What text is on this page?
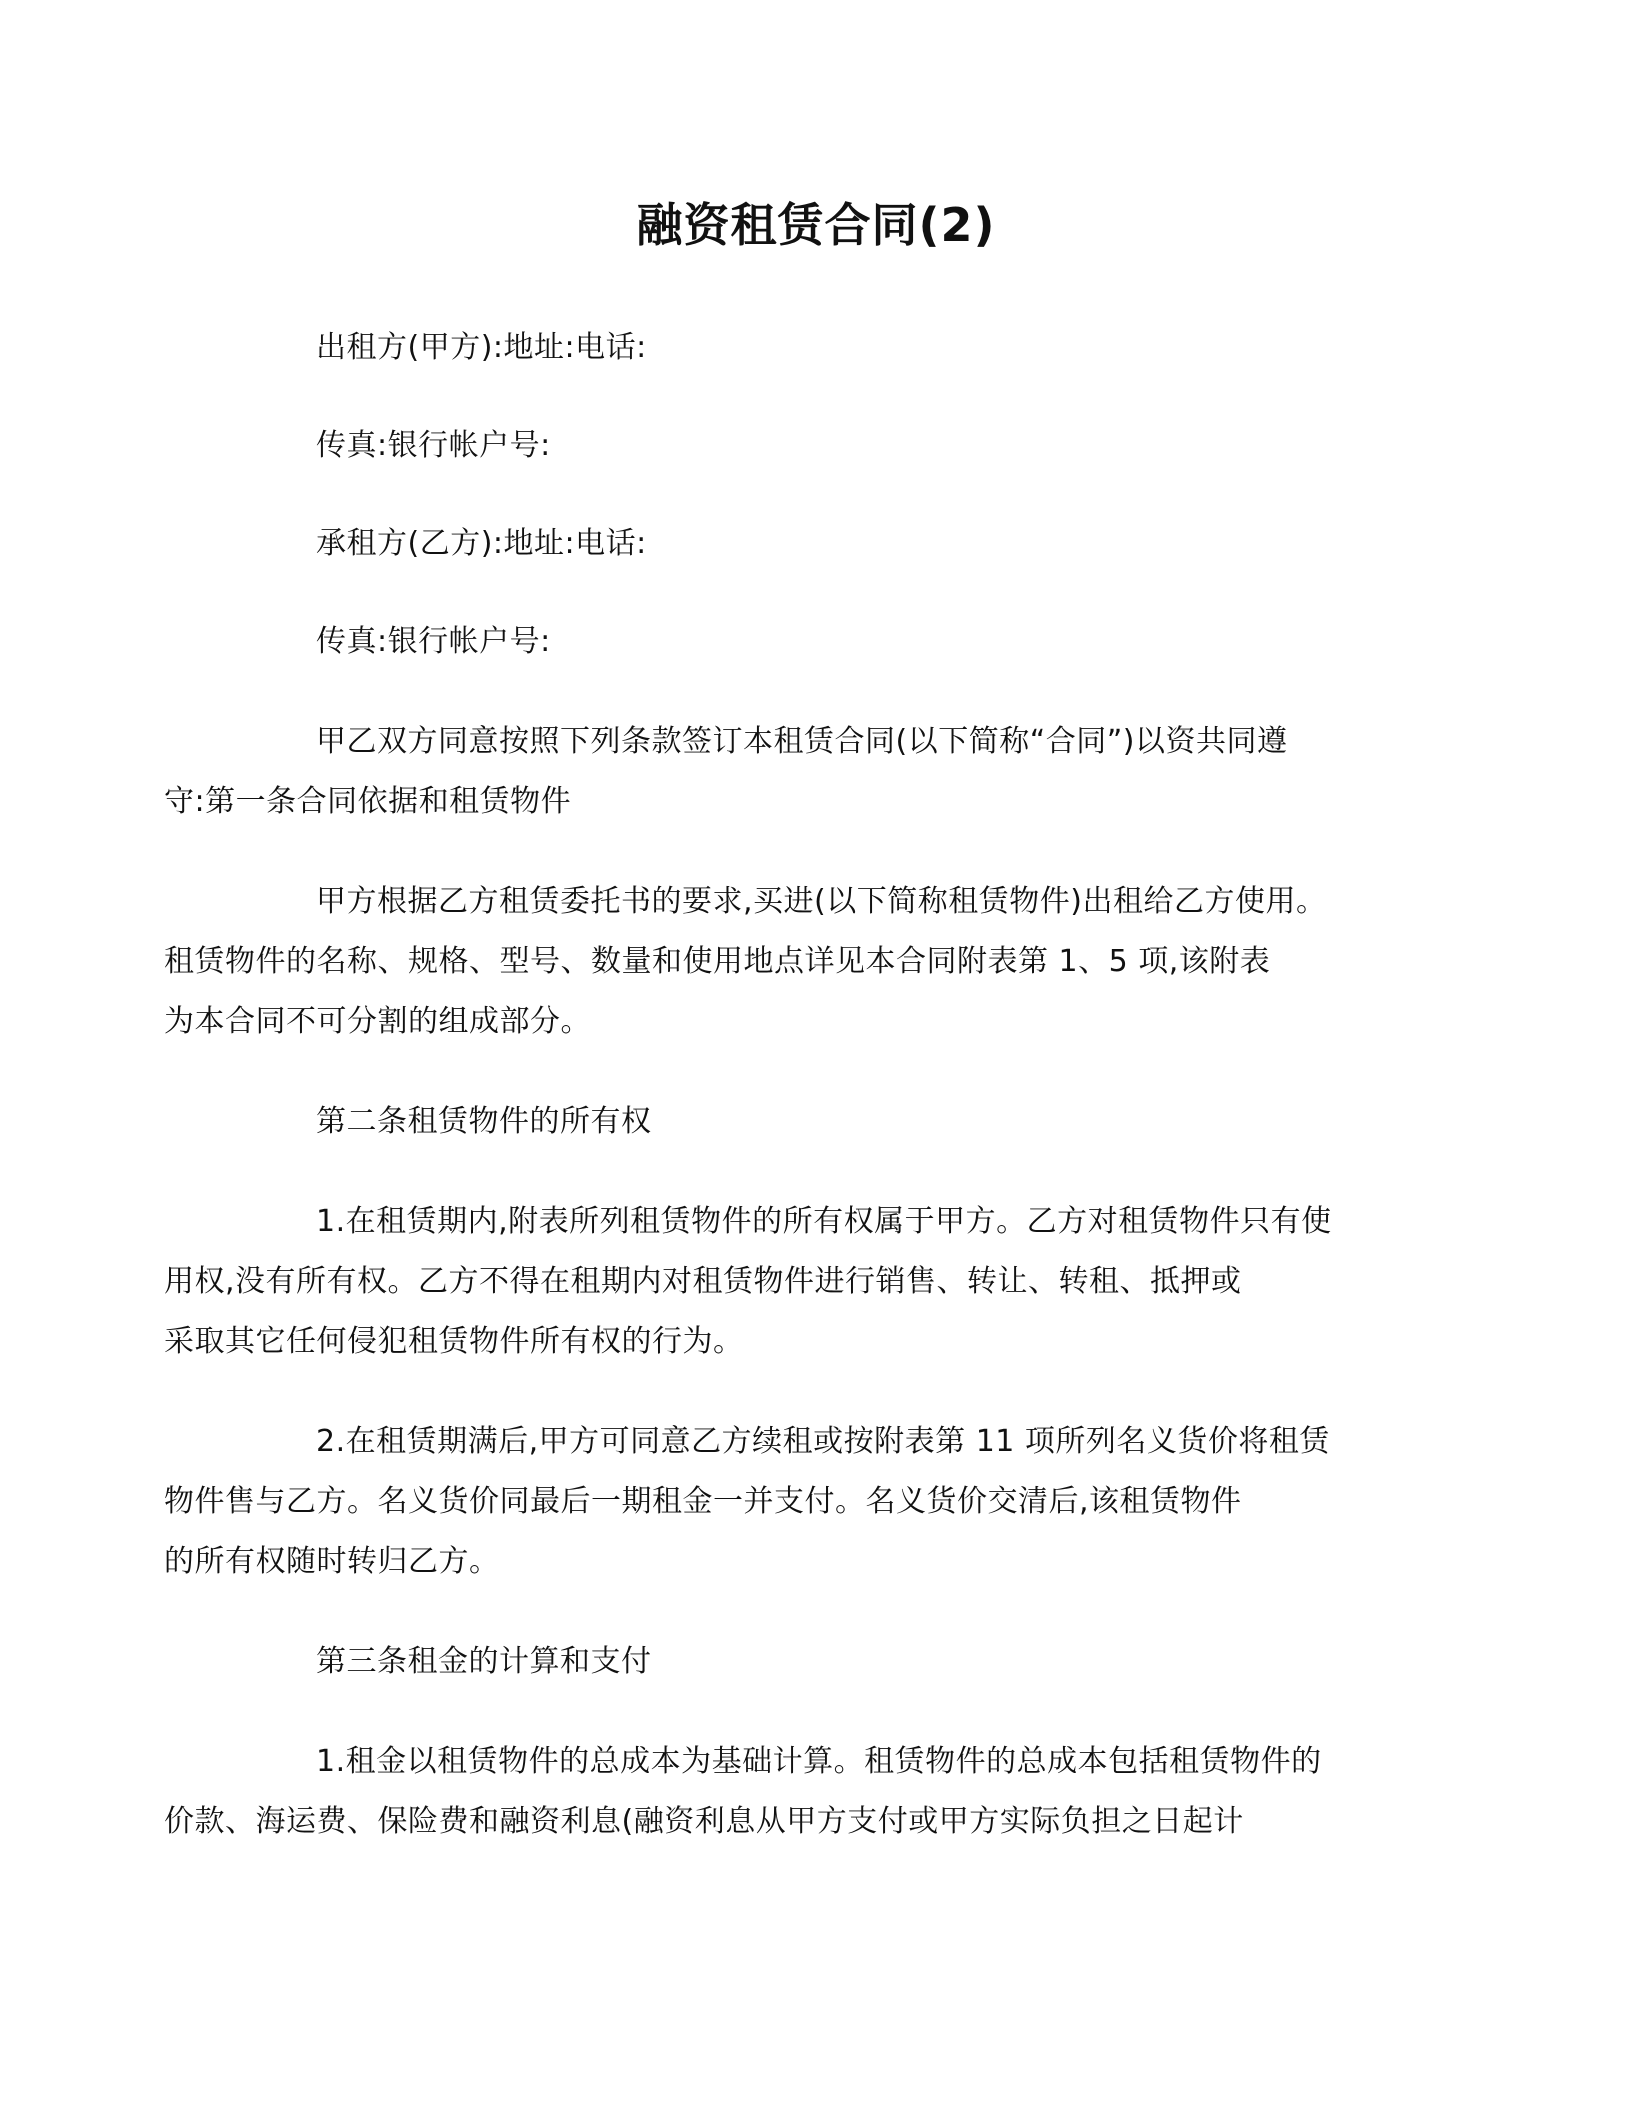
融资租赁合同(2)

出租方(甲方):地址:电话:

传真:银行帐户号:

承租方(乙方):地址:电话:

传真:银行帐户号:

甲乙双方同意按照下列条款签订本租赁合同(以下简称“合同”)以资共同遵
守:第一条合同依据和租赁物件

甲方根据乙方租赁委托书的要求,买进(以下简称租赁物件)出租给乙方使用。
租赁物件的名称、规格、型号、数量和使用地点详见本合同附表第 1、5 项,该附表
为本合同不可分割的组成部分。

第二条租赁物件的所有权

1.在租赁期内,附表所列租赁物件的所有权属于甲方。乙方对租赁物件只有使
用权,没有所有权。乙方不得在租期内对租赁物件进行销售、转让、转租、抵押或
采取其它任何侵犯租赁物件所有权的行为。

2.在租赁期满后,甲方可同意乙方续租或按附表第 11 项所列名义货价将租赁
物件售与乙方。名义货价同最后一期租金一并支付。名义货价交清后,该租赁物件
的所有权随时转归乙方。

第三条租金的计算和支付

1.租金以租赁物件的总成本为基础计算。租赁物件的总成本包括租赁物件的
价款、海运费、保险费和融资利息(融资利息从甲方支付或甲方实际负担之日起计
